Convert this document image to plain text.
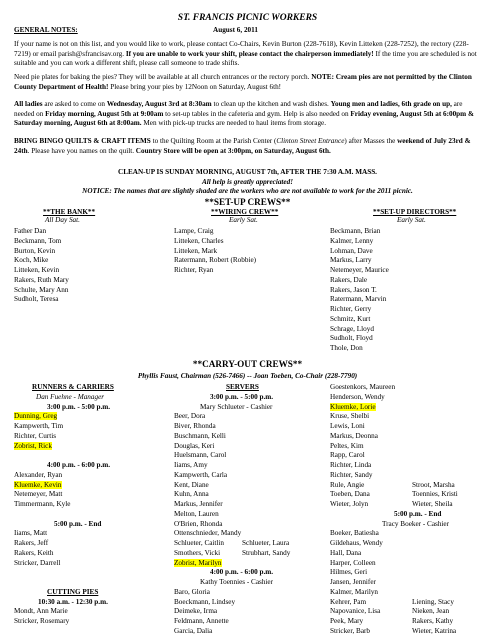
ST. FRANCIS PICNIC WORKERS
GENERAL NOTES:	August 6, 2011
If your name is not on this list, and you would like to work, please contact Co-Chairs, Kevin Burton (228-7618), Kevin Litteken (228-7252), the rectory (228-7219) or email parish@sfrancisav.org. If you are unable to work your shift, please contact the chairperson immediately! If the time you are scheduled is not suitable and you can work a different shift, please call someone to trade shifts.
Need pie plates for baking the pies? They will be available at all church entrances or the rectory porch. NOTE: Cream pies are not permitted by the Clinton County Department of Health! Please bring your pies by 12Noon on Saturday, August 6th!
All ladies are asked to come on Wednesday, August 3rd at 8:30am to clean up the kitchen and wash dishes. Young men and ladies, 6th grade on up, are needed on Friday morning, August 5th at 9:00am to set-up tables in the cafeteria and gym. Help is also needed on Friday evening, August 5th at 6:00pm & Saturday morning, August 6th at 8:00am. Men with pick-up trucks are needed to haul items from storage.
BRING BINGO QUILTS & CRAFT ITEMS to the Quilting Room at the Parish Center (Clinton Street Entrance) after Masses the weekend of July 23rd & 24th. Please have you names on the quilt. Country Store will be open at 3:00pm, on Saturday, August 6th.
CLEAN-UP IS SUNDAY MORNING, AUGUST 7th, AFTER THE 7:30 A.M. MASS.
All help is greatly appreciated!
NOTICE: The names that are slightly shaded are the workers who are not available to work for the 2011 picnic.
**SET-UP CREWS**
**THE BANK**
All Day Sat.
Father Dan
Beckmann, Tom
Burton, Kevin
Koch, Mike
Litteken, Kevin
Rakers, Ruth Mary
Schulte, Mary Ann
Sudholt, Teresa
**WIRING CREW**
Early Sat.
Lampe, Craig
Litteken, Charles
Litteken, Mark
Ratermann, Robert (Robbie)
Richter, Ryan
**SET-UP DIRECTORS**
Early Sat.
Beckmann, Brian
Kalmer, Lenny
Lohman, Dave
Markus, Larry
Netemeyer, Maurice
Rakers, Dale
Rakers, Jason T.
Ratermann, Marvin
Richter, Gerry
Schmitz, Kurt
Schrage, Lloyd
Sudholt, Floyd
Thole, Don
**CARRY-OUT CREWS**
Phyllis Faust, Chairman (526-7466) -- Joan Toeben, Co-Chair (228-7790)
RUNNERS & CARRIERS
Dan Fuehne - Manager
3:00 p.m. - 5:00 p.m.
Dunning, Greg
Kampwerth, Tim
Richter, Curtis
Zobrist, Rick

4:00 p.m. - 6:00 p.m.
Alexander, Ryan
Kluemke, Kevin
Netemeyer, Matt
Timmermann, Kyle

5:00 p.m. - End
Iiams, Matt
Rakers, Jeff
Rakers, Keith
Stricker, Darrell

CUTTING PIES
10:30 a.m. - 12:30 p.m.
Mondt, Ann Marie
Stricker, Rosemary
SERVERS
3:00 p.m. - 5:00 p.m.
Mary Schlueter - Cashier
Beer, Dora
Biver, Rhonda
Buschmann, Kelli
Douglas, Keri
Huelsmann, Carol
Iiams, Amy
Kampwerth, Carla
Kent, Diane
Kuhn, Anna
Markus, Jennifer
Melton, Lauren
O'Brien, Rhonda
Ottenschnieder, Mandy
Schlueter, Caitlin Schlueter, Laura
Smothers, Vicki	Strubhart, Sandy
Zobrist, Marilyn
4:00 p.m. - 6:00 p.m.
Kathy Toennies - Cashier
Baro, Gloria
Boeckmann, Lindsey
Deimeke, Irma
Feldmann, Annette
Garcia, Dalia
Goestenkors, Maureen
Henderson, Wendy
Kluemke, Lorie
Kruse, Shelbi
Lewis, Loni
Markus, Deonna
Peltes, Kim
Rapp, Carol
Richter, Linda
Richter, Sandy
Rule, Angie	Stroot, Marsha
Toeben, Dana	Toennies, Kristi
Wieter, Jolyn	Wieter, Sheila
5:00 p.m. - End
Tracy Boeker - Cashier
Boeker, Batiesha
Gildehaus, Wendy
Hall, Dana
Harper, Colleen
Hilmes, Geri
Jansen, Jennifer
Kalmer, Marilyn
Kehrer, Pam	Liening, Stacy
Napovanice, Lisa	Nieken, Jean
Peek, Mary	Rakers, Kathy
Stricker, Barb	Wieter, Katrina
